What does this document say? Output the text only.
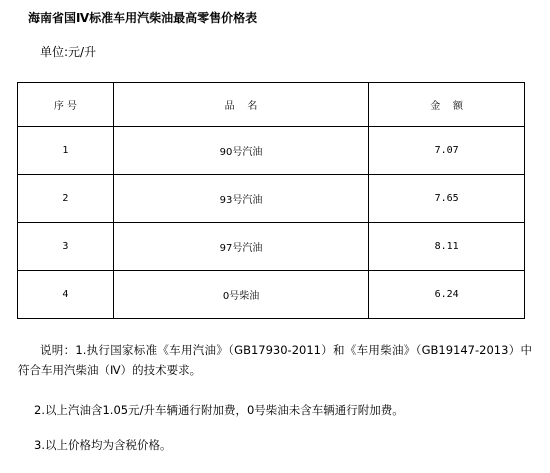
海南省国Ⅳ标准车用汽柴油最高零售价格表
单位:元/升
序 号	品    名	金    额
1	90号汽油	7.07
2	93号汽油	7.65
3	97号汽油	8.11
4	0号柴油	6.24

说明：1.执行国家标准《车用汽油》（GB17930-2011）和《车用柴油》（GB19147-2013）中符合车用汽柴油（Ⅳ）的技术要求。

2.以上汽油含1.05元/升车辆通行附加费，0号柴油未含车辆通行附加费。
3.以上价格均为含税价格。
